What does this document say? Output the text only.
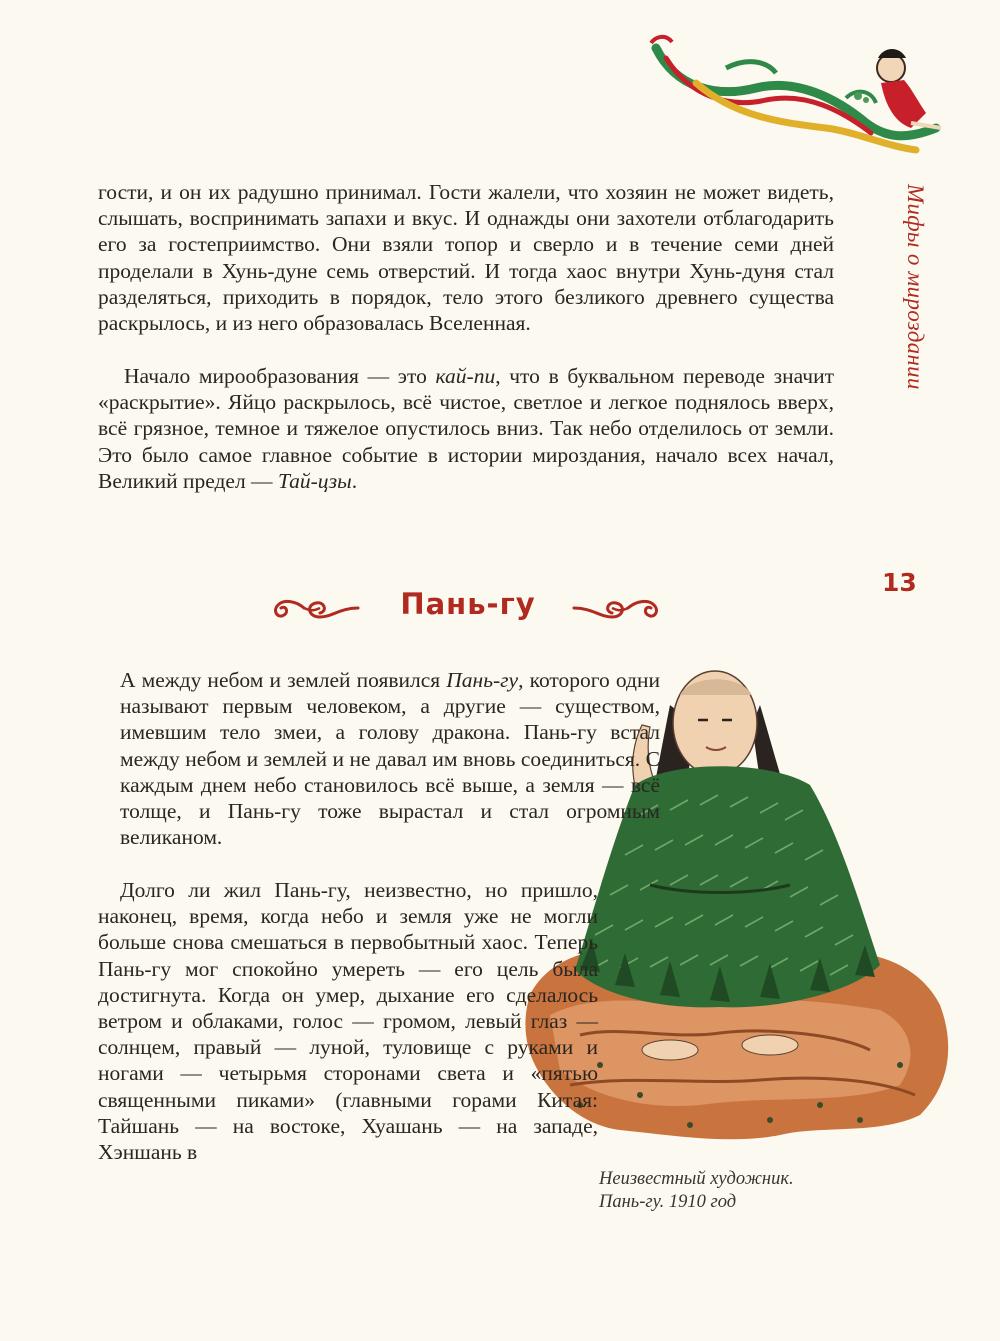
Мифы о мироздании

гости, и он их радушно принимал. Гости жалели, что хозяин не может видеть, слышать, воспринимать запахи и вкус. И однажды они захотели отблагодарить его за гостеприимство. Они взяли топор и сверло и в течение семи дней проделали в Хунь-дуне семь отверстий. И тогда хаос внутри Хунь-дуня стал разделяться, приходить в порядок, тело этого безликого древнего существа раскрылось, и из него образовалась Вселенная.

Начало мирообразования — это кай-пи, что в буквальном переводе значит «раскрытие». Яйцо раскрылось, всё чистое, светлое и легкое поднялось вверх, всё грязное, темное и тяжелое опустилось вниз. Так небо отделилось от земли. Это было самое главное событие в истории мироздания, начало всех начал, Великий предел — Тай-цзы.

13
Пань-гу

А между небом и землей появился Пань-гу, которого одни называют первым человеком, а другие — существом, имевшим тело змеи, а голову дракона. Пань-гу встал между небом и землей и не давал им вновь соединиться. С каждым днем небо становилось всё выше, а земля — всё толще, и Пань-гу тоже вырастал и стал огромным великаном.

Долго ли жил Пань-гу, неизвестно, но пришло, наконец, время, когда небо и земля уже не могли больше снова смешаться в первобытный хаос. Теперь Пань-гу мог спокойно умереть — его цель была достигнута. Когда он умер, дыхание его сделалось ветром и облаками, голос — громом, левый глаз — солнцем, правый — луной, туловище с руками и ногами — четырьмя сторонами света и «пятью священными пиками» (главными горами Китая: Тайшань — на востоке, Хуашань — на западе, Хэншань в

Неизвестный художник.
Пань-гу. 1910 год
